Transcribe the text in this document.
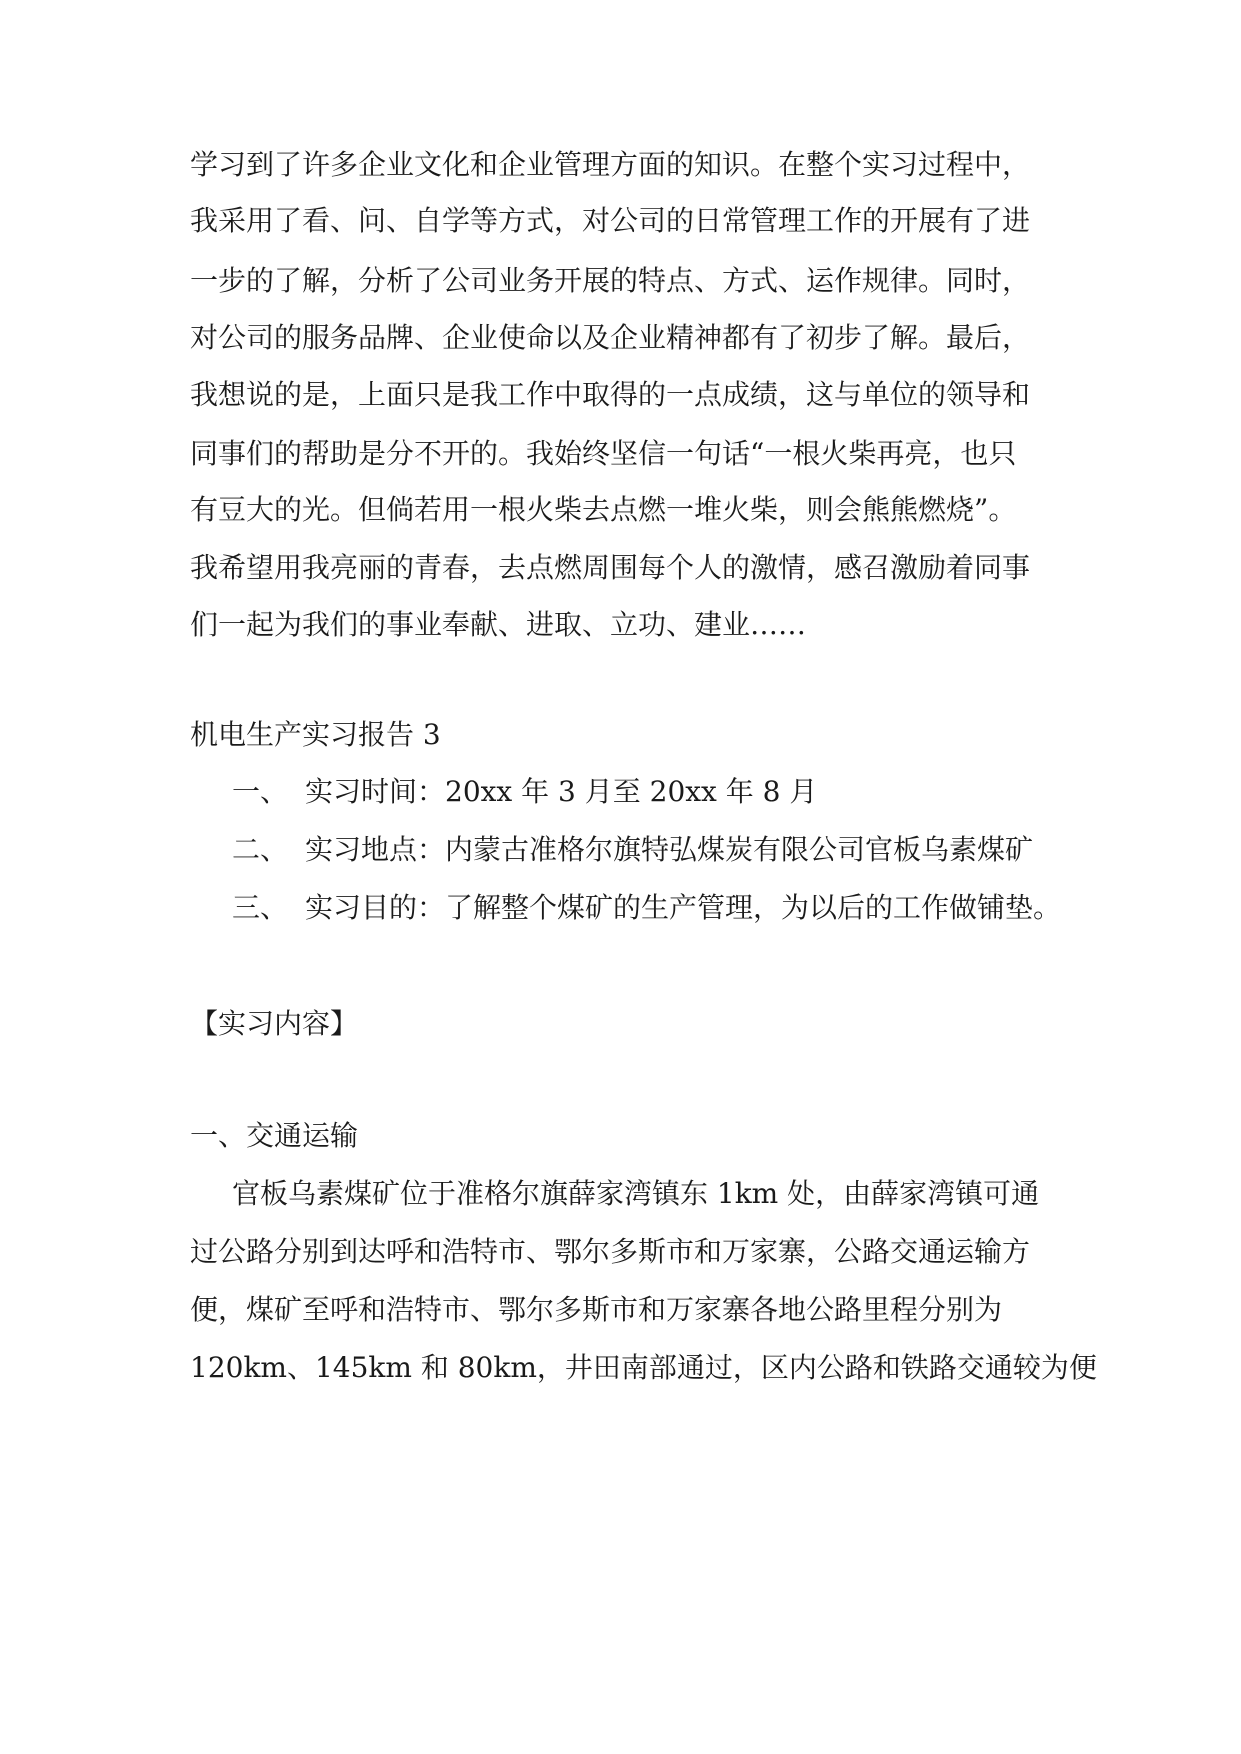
学习到了许多企业文化和企业管理方面的知识。在整个实习过程中，
我采用了看、问、自学等方式，对公司的日常管理工作的开展有了进
一步的了解，分析了公司业务开展的特点、方式、运作规律。同时，
对公司的服务品牌、企业使命以及企业精神都有了初步了解。最后，
我想说的是，上面只是我工作中取得的一点成绩，这与单位的领导和
同事们的帮助是分不开的。我始终坚信一句话“一根火柴再亮，也只
有豆大的光。但倘若用一根火柴去点燃一堆火柴，则会熊熊燃烧”。
我希望用我亮丽的青春，去点燃周围每个人的激情，感召激励着同事
们一起为我们的事业奉献、进取、立功、建业……
机电生产实习报告 3
一、 实习时间：20xx 年 3 月至 20xx 年 8 月
二、 实习地点：内蒙古准格尔旗特弘煤炭有限公司官板乌素煤矿
三、 实习目的：了解整个煤矿的生产管理，为以后的工作做铺垫。
【实习内容】
一、交通运输
官板乌素煤矿位于准格尔旗薛家湾镇东 1km 处，由薛家湾镇可通
过公路分别到达呼和浩特市、鄂尔多斯市和万家寨，公路交通运输方
便，煤矿至呼和浩特市、鄂尔多斯市和万家寨各地公路里程分别为
120km、145km 和 80km，井田南部通过，区内公路和铁路交通较为便
